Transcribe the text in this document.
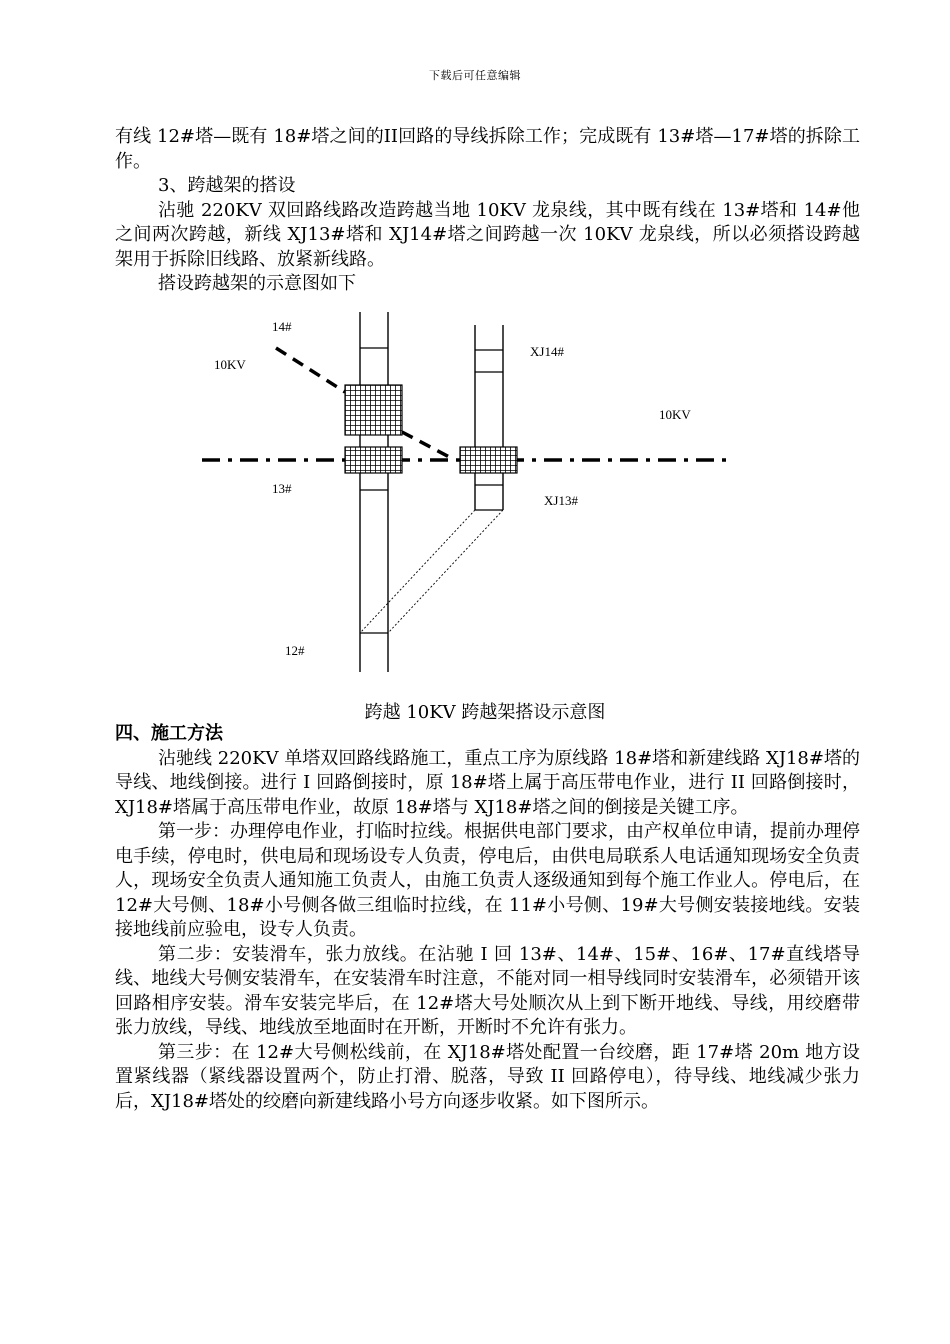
下载后可任意编辑

有线 12#塔—既有 18#塔之间的II回路的导线拆除工作；完成既有 13#塔—17#塔的拆除工作。

3、跨越架的搭设

沾驰 220KV 双回路线路改造跨越当地 10KV 龙泉线，其中既有线在 13#塔和 14#他之间两次跨越，新线 XJ13#塔和 XJ14#塔之间跨越一次 10KV 龙泉线，所以必须搭设跨越架用于拆除旧线路、放紧新线路。

搭设跨越架的示意图如下

14#
10KV
XJ14#
10KV
13#
XJ13#
12#
跨越 10KV 跨越架搭设示意图

四、施工方法

沾驰线 220KV 单塔双回路线路施工，重点工序为原线路 18#塔和新建线路 XJ18#塔的导线、地线倒接。进行 I 回路倒接时，原 18#塔上属于高压带电作业，进行 II 回路倒接时，XJ18#塔属于高压带电作业，故原 18#塔与 XJ18#塔之间的倒接是关键工序。

第一步：办理停电作业，打临时拉线。根据供电部门要求，由产权单位申请，提前办理停电手续，停电时，供电局和现场设专人负责，停电后，由供电局联系人电话通知现场安全负责人，现场安全负责人通知施工负责人，由施工负责人逐级通知到每个施工作业人。停电后，在 12#大号侧、18#小号侧各做三组临时拉线，在 11#小号侧、19#大号侧安装接地线。安装接地线前应验电，设专人负责。

第二步：安装滑车，张力放线。在沾驰 I 回 13#、14#、15#、16#、17#直线塔导线、地线大号侧安装滑车，在安装滑车时注意，不能对同一相导线同时安装滑车，必须错开该回路相序安装。滑车安装完毕后，在 12#塔大号处顺次从上到下断开地线、导线，用绞磨带张力放线，导线、地线放至地面时在开断，开断时不允许有张力。

第三步：在 12#大号侧松线前，在 XJ18#塔处配置一台绞磨，距 17#塔 20m 地方设置紧线器（紧线器设置两个，防止打滑、脱落，导致 II 回路停电），待导线、地线减少张力后，XJ18#塔处的绞磨向新建线路小号方向逐步收紧。如下图所示。
